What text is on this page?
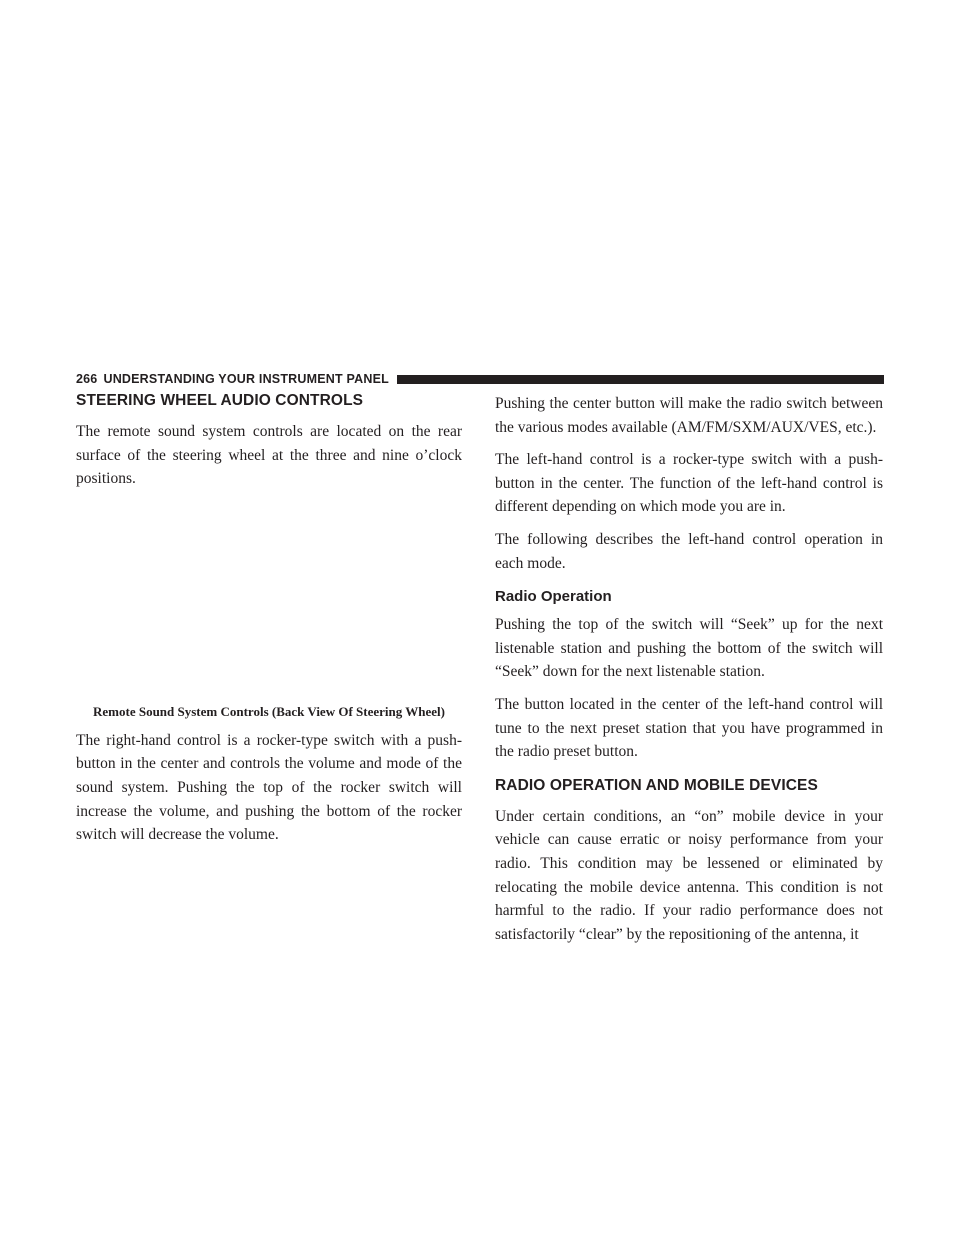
266 UNDERSTANDING YOUR INSTRUMENT PANEL
STEERING WHEEL AUDIO CONTROLS

The remote sound system controls are located on the rear surface of the steering wheel at the three and nine o’clock positions.

Remote Sound System Controls (Back View Of Steering Wheel)

The right-hand control is a rocker-type switch with a push-button in the center and controls the volume and mode of the sound system. Pushing the top of the rocker switch will increase the volume, and pushing the bottom of the rocker switch will decrease the volume.

Pushing the center button will make the radio switch between the various modes available (AM/FM/SXM/AUX/VES, etc.).

The left-hand control is a rocker-type switch with a push-button in the center. The function of the left-hand control is different depending on which mode you are in.

The following describes the left-hand control operation in each mode.

Radio Operation

Pushing the top of the switch will “Seek” up for the next listenable station and pushing the bottom of the switch will “Seek” down for the next listenable station.

The button located in the center of the left-hand control will tune to the next preset station that you have programmed in the radio preset button.

RADIO OPERATION AND MOBILE DEVICES

Under certain conditions, an “on” mobile device in your vehicle can cause erratic or noisy performance from your radio. This condition may be lessened or eliminated by relocating the mobile device antenna. This condition is not harmful to the radio. If your radio performance does not satisfactorily “clear” by the repositioning of the antenna, it
